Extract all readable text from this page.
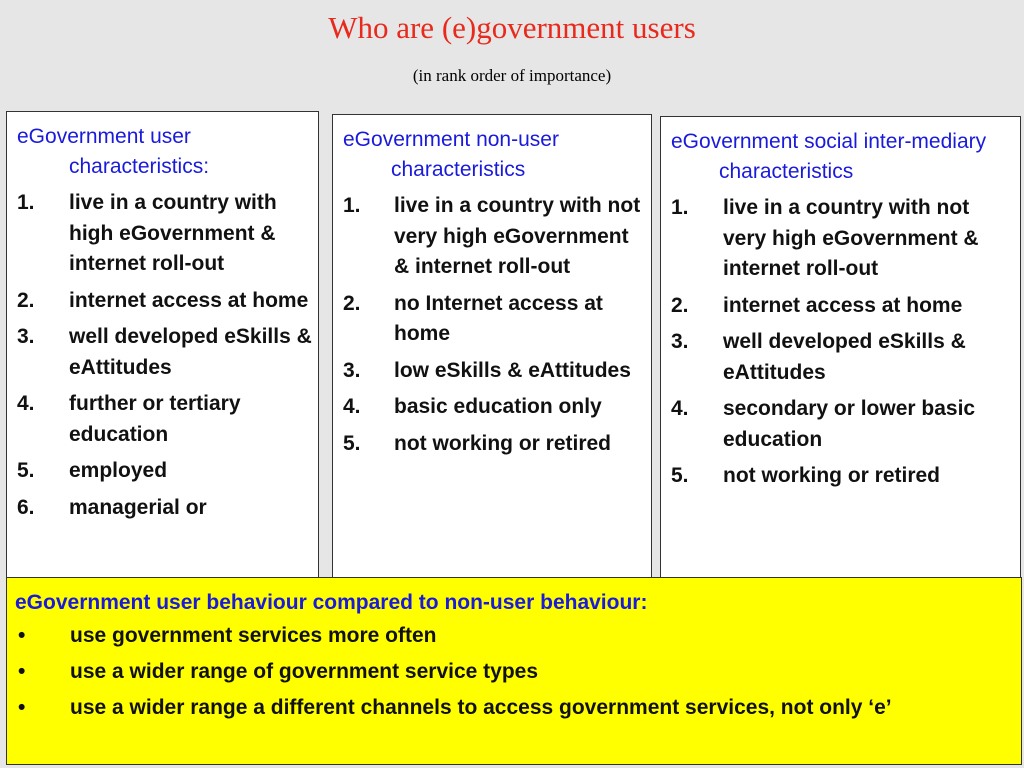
Who are (e)government users
(in rank order of importance)
eGovernment user characteristics:
1. live in a country with high eGovernment & internet roll-out
2. internet access at home
3. well developed eSkills & eAttitudes
4. further or tertiary education
5. employed
6. managerial or
eGovernment non-user characteristics
1. live in a country with not very high eGovernment & internet roll-out
2. no Internet access at home
3. low eSkills & eAttitudes
4. basic education only
5. not working or retired
eGovernment social inter-mediary characteristics
1. live in a country with not very high eGovernment & internet roll-out
2. internet access at home
3. well developed eSkills & eAttitudes
4. secondary or lower basic education
5. not working or retired
eGovernment user behaviour compared to non-user behaviour:
• use government services more often
• use a wider range of government service types
• use a wider range a different channels to access government services, not only ‘e’
